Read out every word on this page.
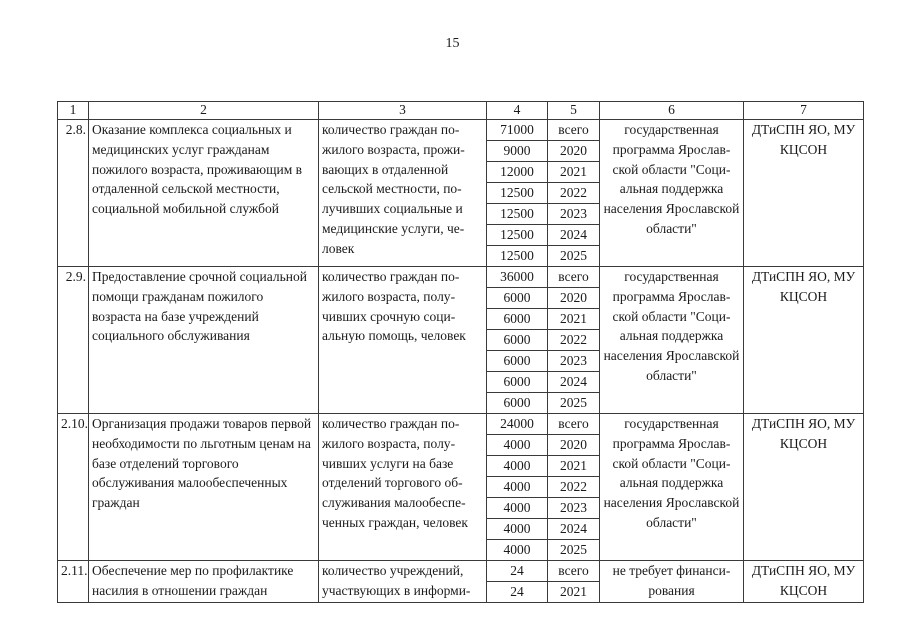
15
1	2	3	4	5	6	7
2.8.	Оказание комплекса социальных и медицинских услуг гражданам пожилого возраста, проживающим в отдаленной сельской местности, социальной мобильной службой	количество граждан пожилого возраста, проживающих в отдаленной сельской местности, получивших социальные и медицинские услуги, человек	71000	всего	государственная программа Ярославской области "Социальная поддержка населения Ярославской области"	ДТиСПН ЯО, МУ КЦСОН
			9000	2020		
			12000	2021		
			12500	2022		
			12500	2023		
			12500	2024		
			12500	2025		
2.9.	Предоставление срочной социальной помощи гражданам пожилого возраста на базе учреждений социального обслуживания	количество граждан пожилого возраста, получивших срочную социальную помощь, человек	36000	всего	государственная программа Ярославской области "Социальная поддержка населения Ярославской области"	ДТиСПН ЯО, МУ КЦСОН
			6000	2020		
			6000	2021		
			6000	2022		
			6000	2023		
			6000	2024		
			6000	2025		
2.10.	Организация продажи товаров первой необходимости по льготным ценам на базе отделений торгового обслуживания малообеспеченных граждан	количество граждан пожилого возраста, получивших услуги на базе отделений торгового обслуживания малообеспеченных граждан, человек	24000	всего	государственная программа Ярославской области "Социальная поддержка населения Ярославской области"	ДТиСПН ЯО, МУ КЦСОН
			4000	2020		
			4000	2021		
			4000	2022		
			4000	2023		
			4000	2024		
			4000	2025		
2.11.	Обеспечение мер по профилактике насилия в отношении граждан	количество учреждений, участвующих в информи-	24	всего	не требует финансирования	ДТиСПН ЯО, МУ КЦСОН
			24	2021		
